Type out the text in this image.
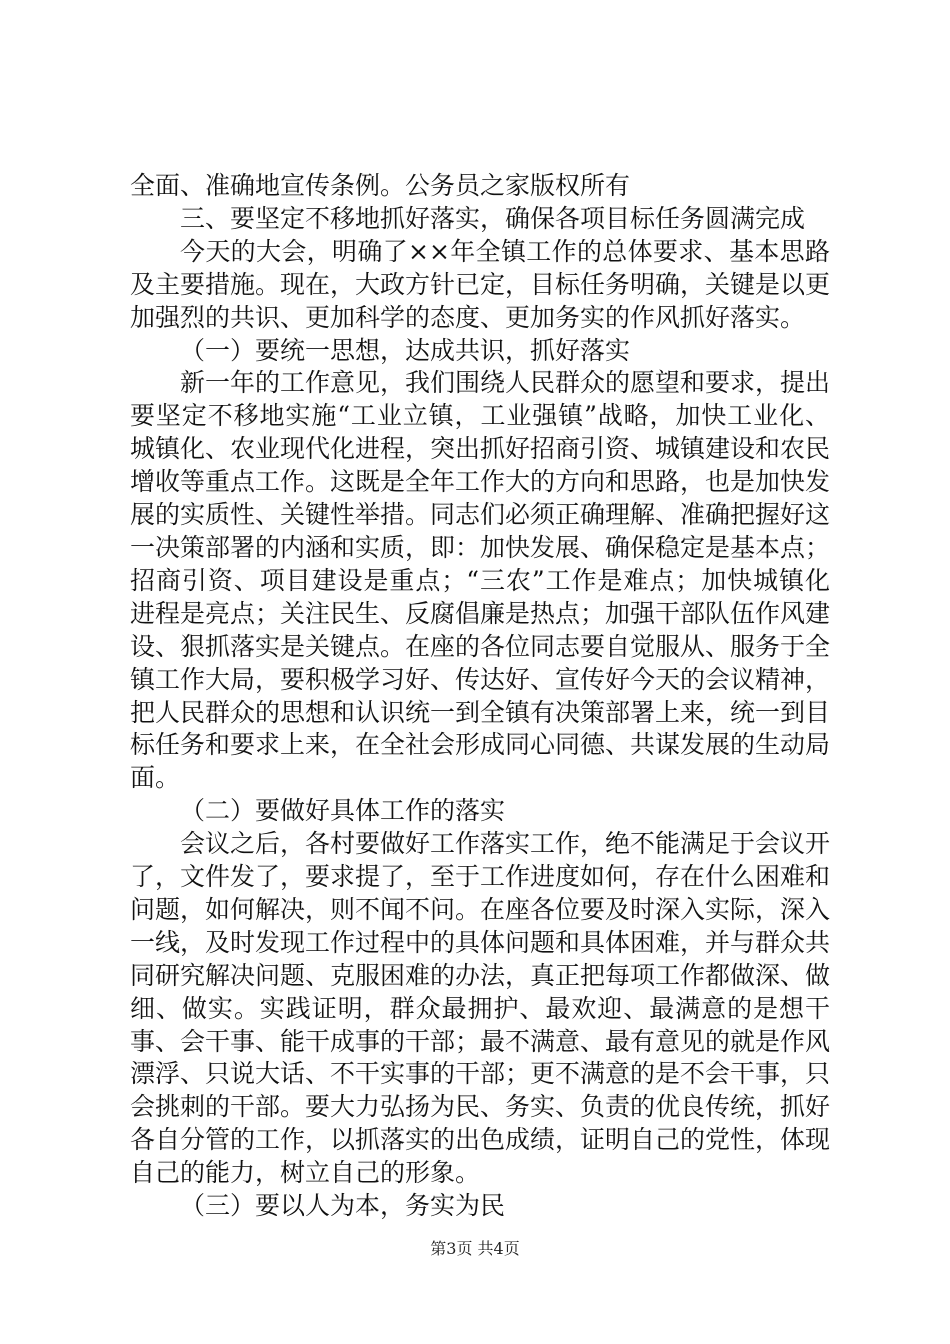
全面、准确地宣传条例。公务员之家版权所有

三、要坚定不移地抓好落实，确保各项目标任务圆满完成

今天的大会，明确了××年全镇工作的总体要求、基本思路及主要措施。现在，大政方针已定，目标任务明确，关键是以更加强烈的共识、更加科学的态度、更加务实的作风抓好落实。

（一）要统一思想，达成共识，抓好落实

新一年的工作意见，我们围绕人民群众的愿望和要求，提出要坚定不移地实施“工业立镇，工业强镇”战略，加快工业化、城镇化、农业现代化进程，突出抓好招商引资、城镇建设和农民增收等重点工作。这既是全年工作大的方向和思路，也是加快发展的实质性、关键性举措。同志们必须正确理解、准确把握好这一决策部署的内涵和实质，即：加快发展、确保稳定是基本点；招商引资、项目建设是重点；“三农”工作是难点；加快城镇化进程是亮点；关注民生、反腐倡廉是热点；加强干部队伍作风建设、狠抓落实是关键点。在座的各位同志要自觉服从、服务于全镇工作大局，要积极学习好、传达好、宣传好今天的会议精神，把人民群众的思想和认识统一到全镇有决策部署上来，统一到目标任务和要求上来，在全社会形成同心同德、共谋发展的生动局面。

（二）要做好具体工作的落实

会议之后，各村要做好工作落实工作，绝不能满足于会议开了，文件发了，要求提了，至于工作进度如何，存在什么困难和问题，如何解决，则不闻不问。在座各位要及时深入实际，深入一线，及时发现工作过程中的具体问题和具体困难，并与群众共同研究解决问题、克服困难的办法，真正把每项工作都做深、做细、做实。实践证明，群众最拥护、最欢迎、最满意的是想干事、会干事、能干成事的干部；最不满意、最有意见的就是作风漂浮、只说大话、不干实事的干部；更不满意的是不会干事，只会挑刺的干部。要大力弘扬为民、务实、负责的优良传统，抓好各自分管的工作，以抓落实的出色成绩，证明自己的党性，体现自己的能力，树立自己的形象。

（三）要以人为本，务实为民

第3页 共4页
